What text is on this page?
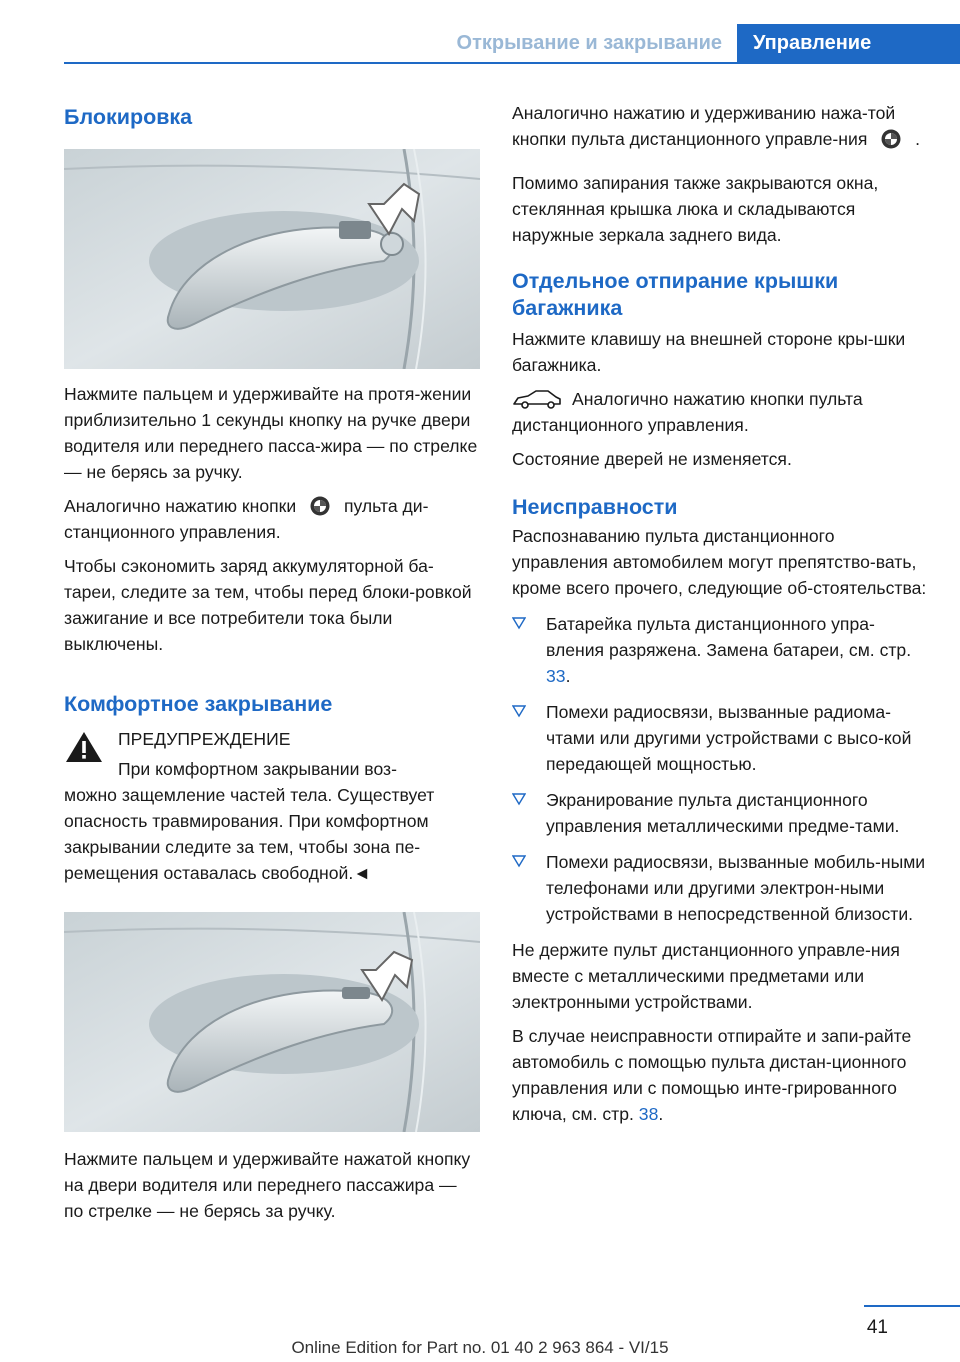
Открывание и закрывание	Управление
Блокировка

Нажмите пальцем и удерживайте на протя-жении приблизительно 1 секунды кнопку на ручке двери водителя или переднего пасса-жира — по стрелке — не берясь за ручку.

Аналогично нажатию кнопки	пульта ди-станционного управления.

Чтобы сэкономить заряд аккумуляторной ба-тареи, следите за тем, чтобы перед блоки-ровкой зажигание и все потребители тока были выключены.

Комфортное закрывание

ПРЕДУПРЕЖДЕНИЕ

При комфортном закрывании воз-

можно защемление частей тела. Существует опасность травмирования. При комфортном закрывании следите за тем, чтобы зона пе-ремещения оставалась свободной.◄

Нажмите пальцем и удерживайте нажатой кнопку на двери водителя или переднего пассажира — по стрелке — не берясь за ручку.

Аналогично нажатию и удерживанию нажа-той кнопки пульта дистанционного управле-ния	.

Помимо запирания также закрываются окна, стеклянная крышка люка и складываются наружные зеркала заднего вида.

Отдельное отпирание крышки багажника

Нажмите клавишу на внешней стороне кры-шки багажника.

Аналогично нажатию кнопки пульта дистанционного управления.

Состояние дверей не изменяется.

Неисправности

Распознаванию пульта дистанционного управления автомобилем могут препятство-вать, кроме всего прочего, следующие об-стоятельства:

Батарейка пульта дистанционного упра-вления разряжена. Замена батареи, см. стр. 33.
Помехи радиосвязи, вызванные радиома-чтами или другими устройствами с высо-кой передающей мощностью.
Экранирование пульта дистанционного управления металлическими предме-тами.
Помехи радиосвязи, вызванные мобиль-ными телефонами или другими электрон-ными устройствами в непосредственной близости.

Не держите пульт дистанционного управле-ния вместе с металлическими предметами или электронными устройствами.

В случае неисправности отпирайте и запи-райте автомобиль с помощью пульта дистан-ционного управления или с помощью инте-грированного ключа, см. стр. 38.

41
Online Edition for Part no. 01 40 2 963 864 - VI/15
